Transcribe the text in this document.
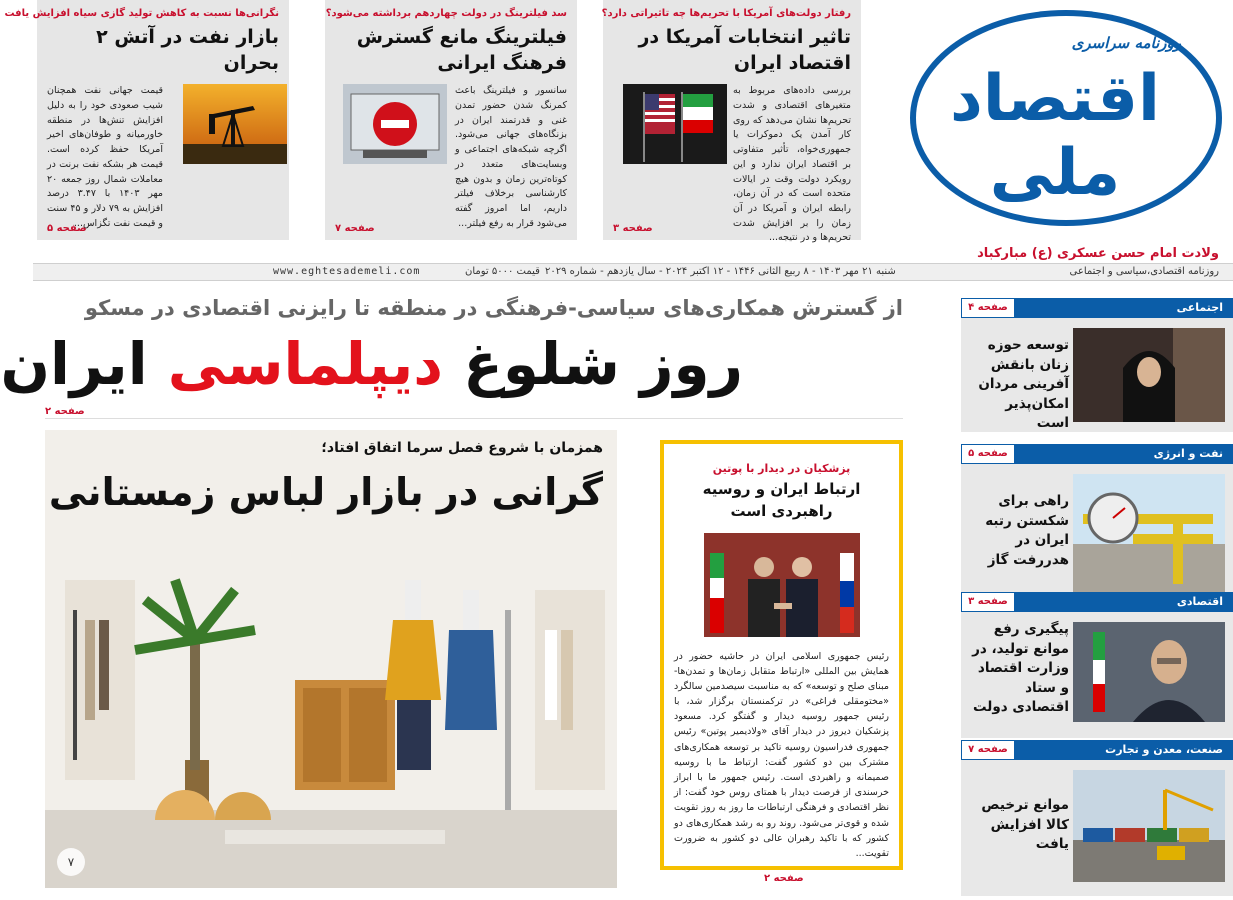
رفتار دولت‌های آمریکا با تحریم‌ها چه تاثیراتی دارد؟
تاثیر انتخابات آمریکا در اقتصاد ایران
بررسی داده‌های مربوط به متغیرهای اقتصادی و شدت تحریم‌ها نشان می‌دهد که روی کار آمدن یک دموکرات یا جمهوری‌خواه، تأثیر متفاوتی بر اقتصاد ایران ندارد و این رویکرد دولت وقت در ایالات متحده است که در آن زمان، رابطه ایران و آمریکا در آن زمان را بر افزایش شدت تحریم‌ها و در نتیجه...
صفحه ۳
سد فیلترینگ در دولت چهاردهم برداشته می‌شود؟
فیلترینگ مانع گسترش فرهنگ ایرانی
سانسور و فیلترینگ باعث کمرنگ شدن حضور تمدن غنی و قدرتمند ایران در بزنگاه‌های جهانی می‌شود. اگرچه شبکه‌های اجتماعی و وبسایت‌های متعدد در کوتاه‌ترین زمان و بدون هیچ کارشناسی برخلاف فیلتر داریم، اما امروز گفته می‌شود قرار به رفع فیلتر...
صفحه ۷
نگرانی‌ها نسبت به کاهش تولید گازی سیاه افزایش یافت
بازار نفت در آتش ۲ بحران
قیمت جهانی نفت همچنان شیب صعودی خود را به دلیل افزایش تنش‌ها در منطقه خاورمیانه و طوفان‌های اخیر آمریکا حفظ کرده است. قیمت هر بشکه نفت برنت در معاملات شمال روز جمعه ۲۰ مهر ۱۴۰۳ با ۳.۴۷ درصد افزایش به ۷۹ دلار و ۴۵ سنت و قیمت نفت تگزاس...
صفحه ۵
روزنامه سراسری
اقتصاد ملی
ولادت امام حسن عسکری (ع) مبارکباد
روزنامه اقتصادی،سیاسی و اجتماعی
شنبه ۲۱ مهر ۱۴۰۳ - ۸ ربیع الثانی ۱۴۴۶ - ۱۲ اکتبر ۲۰۲۴ - سال یازدهم - شماره ۲۰۲۹
قیمت ۵۰۰۰ تومان
www.eghtesademeli.com
از گسترش همکاری‌های سیاسی-فرهنگی در منطقه تا رایزنی اقتصادی در مسکو
روز شلوغ دیپلماسی ایران
صفحه ۲
همزمان با شروع فصل سرما اتفاق افتاد؛
گرانی در بازار لباس زمستانی
۷
پزشکیان در دیدار با پوتین
ارتباط ایران و روسیه راهبردی است
رئیس جمهوری اسلامی ایران در حاشیه حضور در همایش بین المللی «ارتباط متقابل زمان‌ها و تمدن‌ها- مبنای صلح و توسعه» که به مناسبت سیصدمین سالگرد «مختومقلی فراغی» در ترکمنستان برگزار شد، با رئیس جمهور روسیه دیدار و گفتگو کرد. مسعود پزشکیان دیروز در دیدار آقای «ولادیمیر پوتین» رئیس جمهوری فدراسیون روسیه تاکید بر توسعه همکاری‌های مشترک بین دو کشور گفت: ارتباط ما با روسیه صمیمانه و راهبردی است. رئیس جمهور ما با ابراز خرسندی از فرصت دیدار با همتای روس خود گفت: از نظر اقتصادی و فرهنگی ارتباطات ما روز به روز تقویت شده و قوی‌تر می‌شود. روند رو به رشد همکاری‌های دو کشور که با تاکید رهبران عالی دو کشور به ضرورت تقویت...
صفحه ۲
اجتماعی
صفحه ۴
توسعه حوزه زنان بانقش آفرینی مردان امکان‌پذیر است
نفت و انرژی
صفحه ۵
راهی برای شکستن رتبه ایران در هدررفت گاز
اقتصادی
صفحه ۳
پیگیری رفع موانع تولید، در وزارت اقتصاد و ستاد اقتصادی دولت
صنعت، معدن و تجارت
صفحه ۷
موانع ترخیص کالا افزایش یافت
